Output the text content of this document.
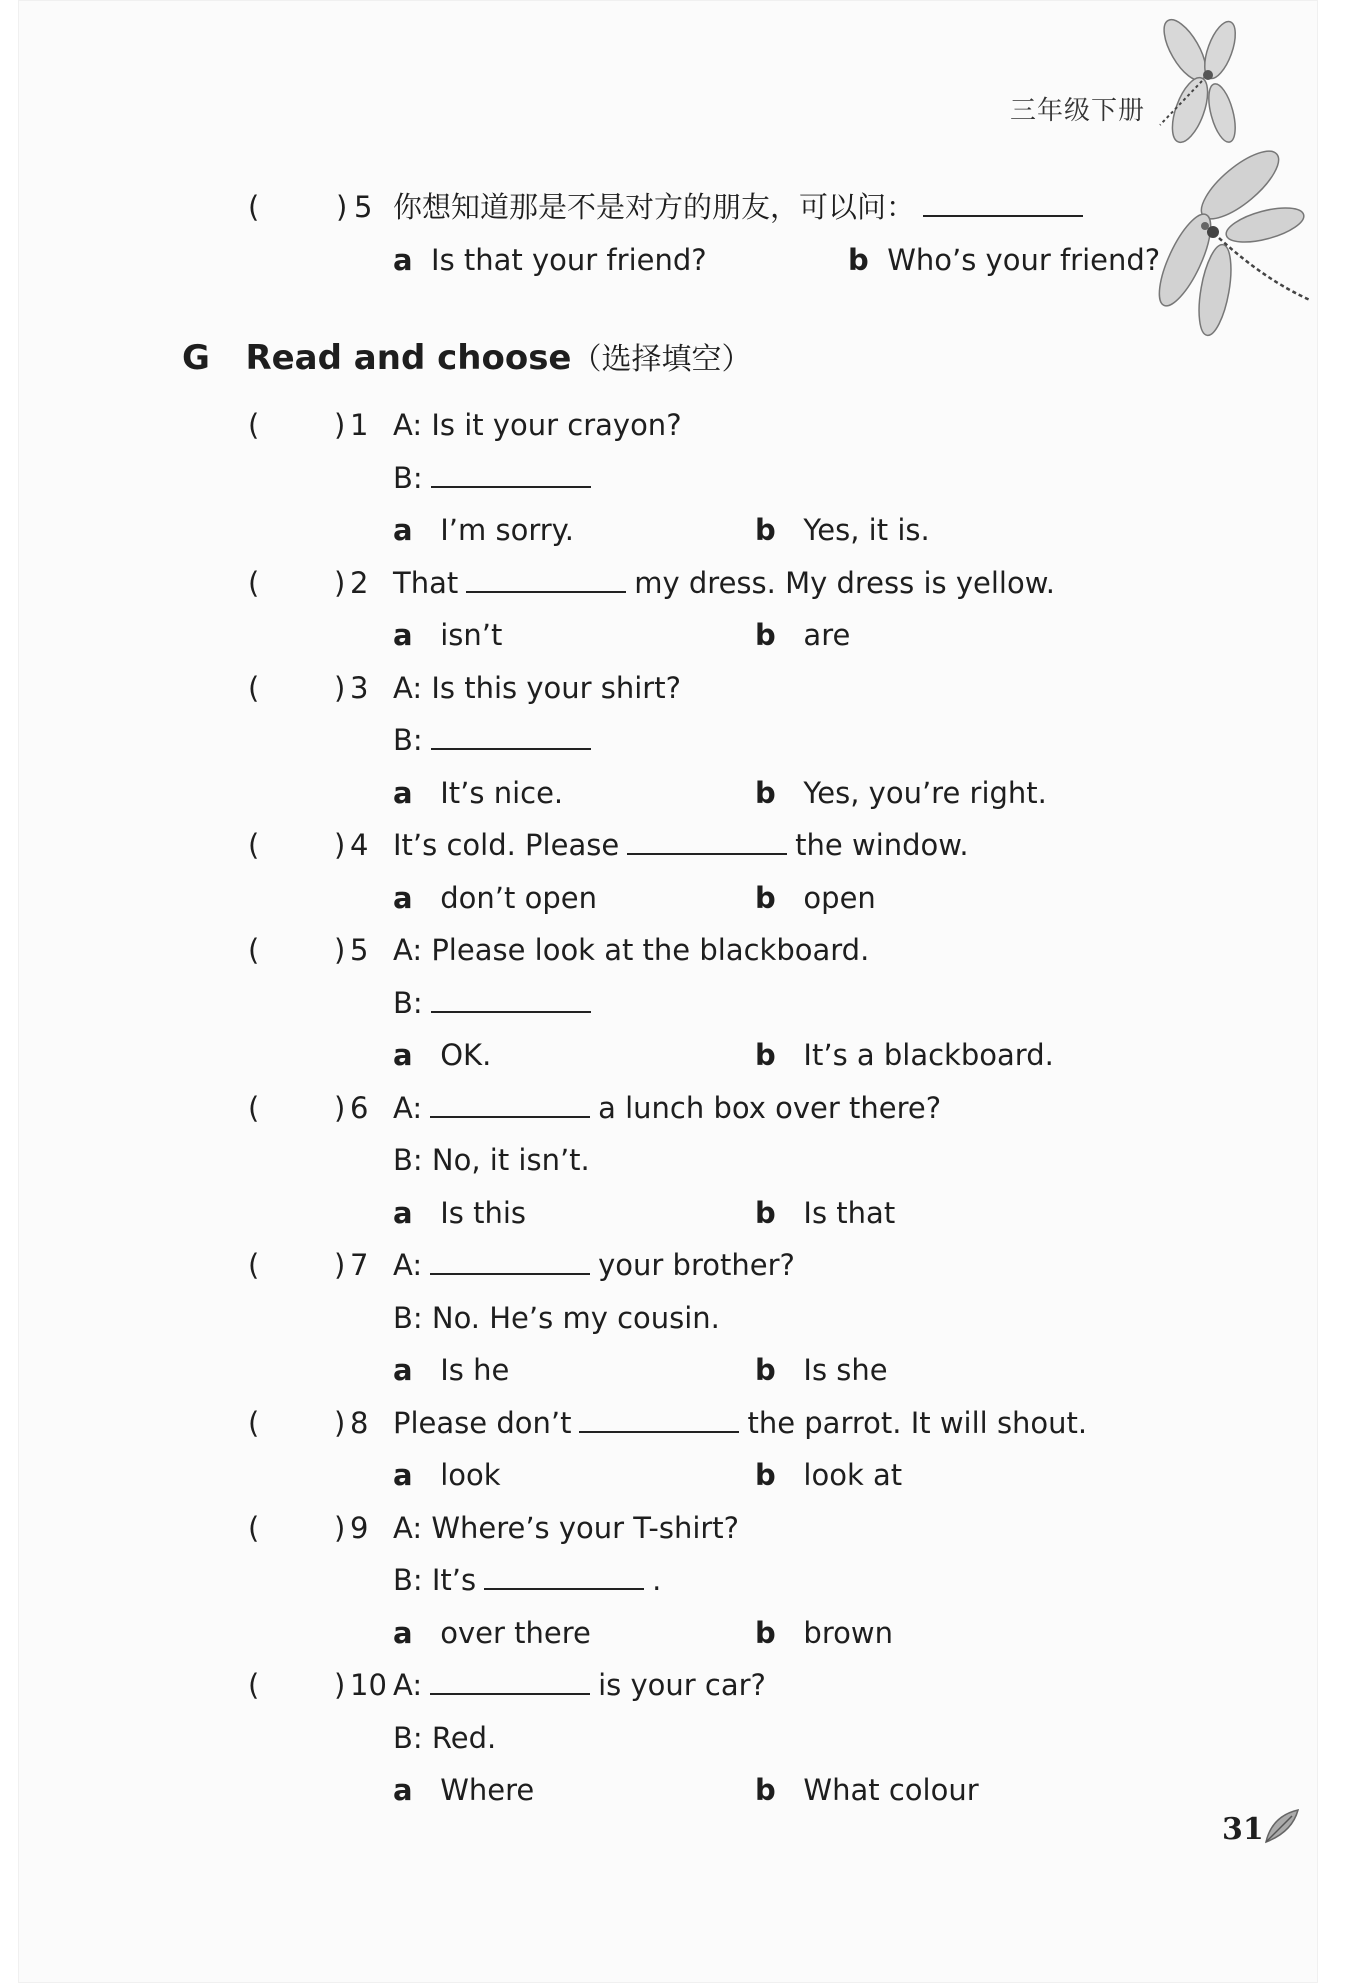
三年级下册
(	) 5 你想知道那是不是对方的朋友，可以问：
a Is that your friend?	b Who’s your friend?
G Read and choose（选择填空）
(	) 1 A: Is it your crayon?
B:
a I’m sorry.	b Yes, it is.
(	) 2 That	my dress. My dress is yellow.
a isn’t	b are
(	) 3 A: Is this your shirt?
B:
a It’s nice.	b Yes, you’re right.
(	) 4 It’s cold. Please	the window.
a don’t open	b open
(	) 5 A: Please look at the blackboard.
B:
a OK.	b It’s a blackboard.
(	) 6 A:	a lunch box over there?
B: No, it isn’t.
a Is this	b Is that
(	) 7 A:	your brother?
B: No. He’s my cousin.
a Is he	b Is she
(	) 8 Please don’t	the parrot. It will shout.
a look	b look at
(	) 9 A: Where’s your T-shirt?
B: It’s	.
a over there	b brown
(	) 10 A:	is your car?
B: Red.
a Where	b What colour
31
